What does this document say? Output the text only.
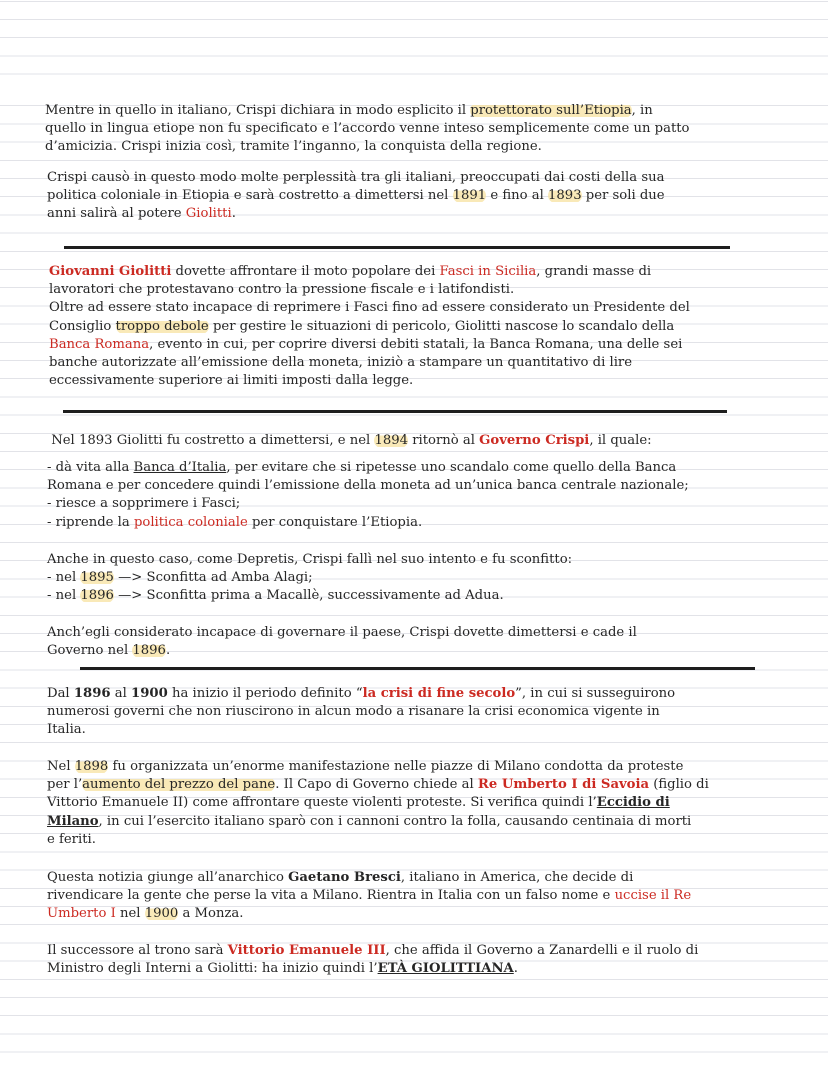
Mentre in quello in italiano, Crispi dichiara in modo esplicito il protettorato sull’Etiopia, in
quello in lingua etiope non fu specificato e l’accordo venne inteso semplicemente come un patto
d’amicizia. Crispi inizia così, tramite l’inganno, la conquista della regione.
Crispi causò in questo modo molte perplessità tra gli italiani, preoccupati dai costi della sua
politica coloniale in Etiopia e sarà costretto a dimettersi nel 1891 e fino al 1893 per soli due
anni salirà al potere Giolitti.
Giovanni Giolitti dovette affrontare il moto popolare dei Fasci in Sicilia, grandi masse di
lavoratori che protestavano contro la pressione fiscale e i latifondisti.
Oltre ad essere stato incapace di reprimere i Fasci fino ad essere considerato un Presidente del
Consiglio troppo debole per gestire le situazioni di pericolo, Giolitti nascose lo scandalo della
Banca Romana, evento in cui, per coprire diversi debiti statali, la Banca Romana, una delle sei
banche autorizzate all’emissione della moneta, iniziò a stampare un quantitativo di lire
eccessivamente superiore ai limiti imposti dalla legge.
Nel 1893 Giolitti fu costretto a dimettersi, e nel 1894 ritornò al Governo Crispi, il quale:
- dà vita alla Banca d’Italia, per evitare che si ripetesse uno scandalo come quello della Banca
Romana e per concedere quindi l’emissione della moneta ad un’unica banca centrale nazionale;
- riesce a sopprimere i Fasci;
- riprende la politica coloniale per conquistare l’Etiopia.
Anche in questo caso, come Depretis, Crispi fallì nel suo intento e fu sconfitto:
- nel 1895 —> Sconfitta ad Amba Alagi;
- nel 1896 —> Sconfitta prima a Macallè, successivamente ad Adua.
Anch’egli considerato incapace di governare il paese, Crispi dovette dimettersi e cade il
Governo nel 1896.
Dal 1896 al 1900 ha inizio il periodo definito “la crisi di fine secolo”, in cui si susseguirono
numerosi governi che non riuscirono in alcun modo a risanare la crisi economica vigente in
Italia.
Nel 1898 fu organizzata un’enorme manifestazione nelle piazze di Milano condotta da proteste
per l’aumento del prezzo del pane. Il Capo di Governo chiede al Re Umberto I di Savoia (figlio di
Vittorio Emanuele II) come affrontare queste violenti proteste. Si verifica quindi l’Eccidio di
Milano, in cui l’esercito italiano sparò con i cannoni contro la folla, causando centinaia di morti
e feriti.
Questa notizia giunge all’anarchico Gaetano Bresci, italiano in America, che decide di
rivendicare la gente che perse la vita a Milano. Rientra in Italia con un falso nome e uccise il Re
Umberto I nel 1900 a Monza.
Il successore al trono sarà Vittorio Emanuele III, che affida il Governo a Zanardelli e il ruolo di
Ministro degli Interni a Giolitti: ha inizio quindi l’ETÀ GIOLITTIANA.
